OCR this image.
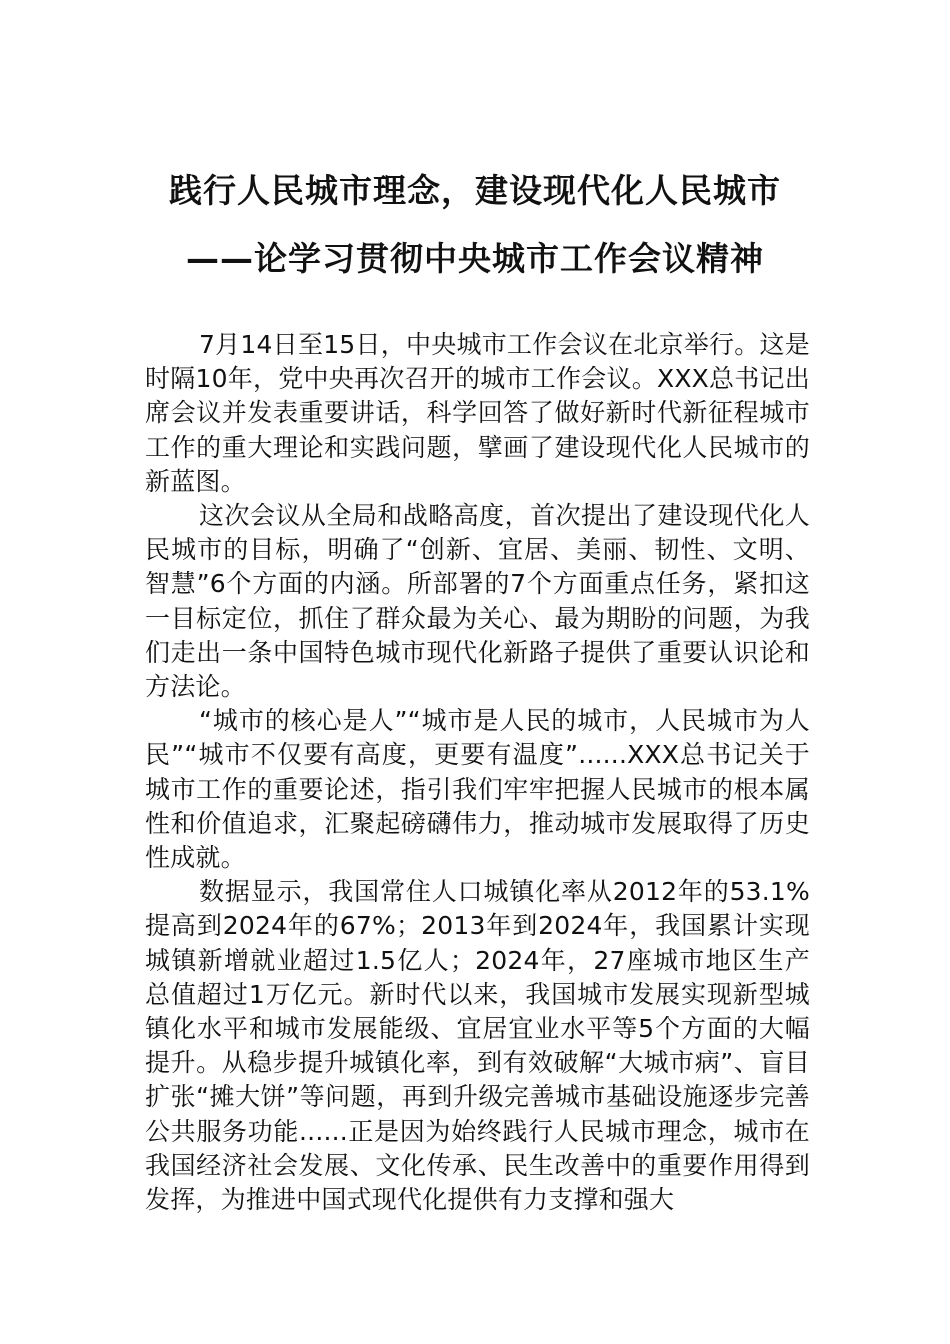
践行人民城市理念，建设现代化人民城市
——论学习贯彻中央城市工作会议精神

7月14日至15日，中央城市工作会议在北京举行。这是时隔10年，党中央再次召开的城市工作会议。XXX总书记出席会议并发表重要讲话，科学回答了做好新时代新征程城市工作的重大理论和实践问题，擘画了建设现代化人民城市的新蓝图。

这次会议从全局和战略高度，首次提出了建设现代化人民城市的目标，明确了“创新、宜居、美丽、韧性、文明、智慧”6个方面的内涵。所部署的7个方面重点任务，紧扣这一目标定位，抓住了群众最为关心、最为期盼的问题，为我们走出一条中国特色城市现代化新路子提供了重要认识论和方法论。

“城市的核心是人”“城市是人民的城市，人民城市为人民”“城市不仅要有高度，更要有温度”......XXX总书记关于城市工作的重要论述，指引我们牢牢把握人民城市的根本属性和价值追求，汇聚起磅礴伟力，推动城市发展取得了历史性成就。

数据显示，我国常住人口城镇化率从2012年的53.1%提高到2024年的67%；2013年到2024年，我国累计实现城镇新增就业超过1.5亿人；2024年，27座城市地区生产总值超过1万亿元。新时代以来，我国城市发展实现新型城镇化水平和城市发展能级、宜居宜业水平等5个方面的大幅提升。从稳步提升城镇化率，到有效破解“大城市病”、盲目扩张“摊大饼”等问题，再到升级完善城市基础设施逐步完善公共服务功能......正是因为始终践行人民城市理念，城市在我国经济社会发展、文化传承、民生改善中的重要作用得到发挥，为推进中国式现代化提供有力支撑和强大
